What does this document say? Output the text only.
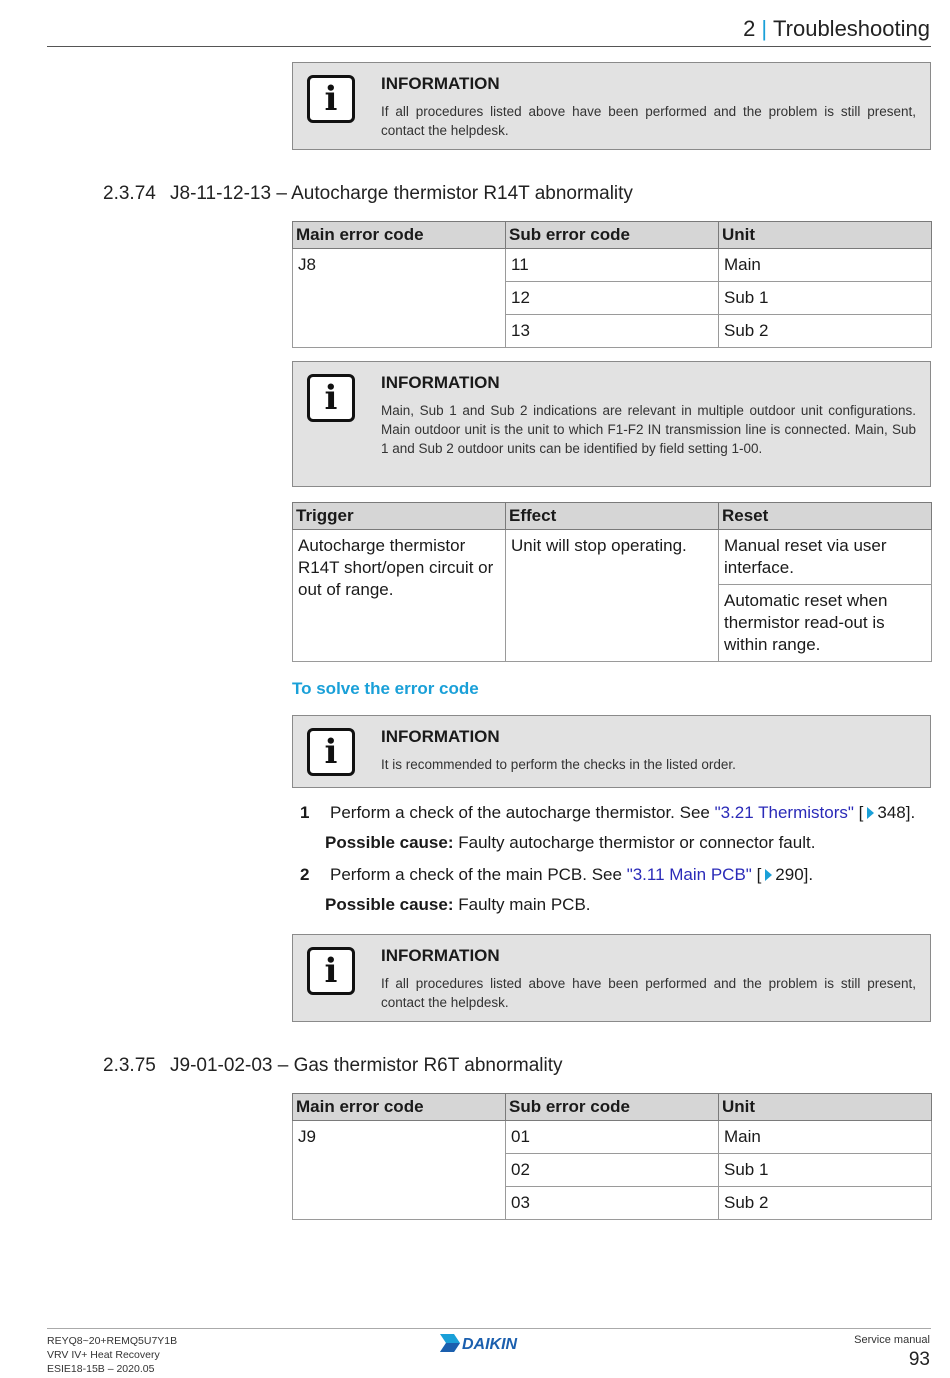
2 | Troubleshooting
i	INFORMATION
If all procedures listed above have been performed and the problem is still present, contact the helpdesk.
2.3.74 J8-11-12-13 – Autocharge thermistor R14T abnormality
Main error code	Sub error code	Unit
J8	11	Main
	12	Sub 1
	13	Sub 2
i	INFORMATION
Main, Sub 1 and Sub 2 indications are relevant in multiple outdoor unit configurations. Main outdoor unit is the unit to which F1-F2 IN transmission line is connected. Main, Sub 1 and Sub 2 outdoor units can be identified by field setting 1-00.
Trigger	Effect	Reset
Autocharge thermistor R14T short/open circuit or out of range.	Unit will stop operating.	Manual reset via user interface.
		Automatic reset when thermistor read-out is within range.
To solve the error code
i	INFORMATION
It is recommended to perform the checks in the listed order.
1 Perform a check of the autocharge thermistor. See "3.21 Thermistors" [ 348].
Possible cause: Faulty autocharge thermistor or connector fault.
2 Perform a check of the main PCB. See "3.11 Main PCB" [ 290].
Possible cause: Faulty main PCB.
i	INFORMATION
If all procedures listed above have been performed and the problem is still present, contact the helpdesk.
2.3.75 J9-01-02-03 – Gas thermistor R6T abnormality
Main error code	Sub error code	Unit
J9	01	Main
	02	Sub 1
	03	Sub 2
REYQ8~20+REMQ5U7Y1B
VRV IV+ Heat Recovery
ESIE18-15B – 2020.05
DAIKIN	Service manual
93
